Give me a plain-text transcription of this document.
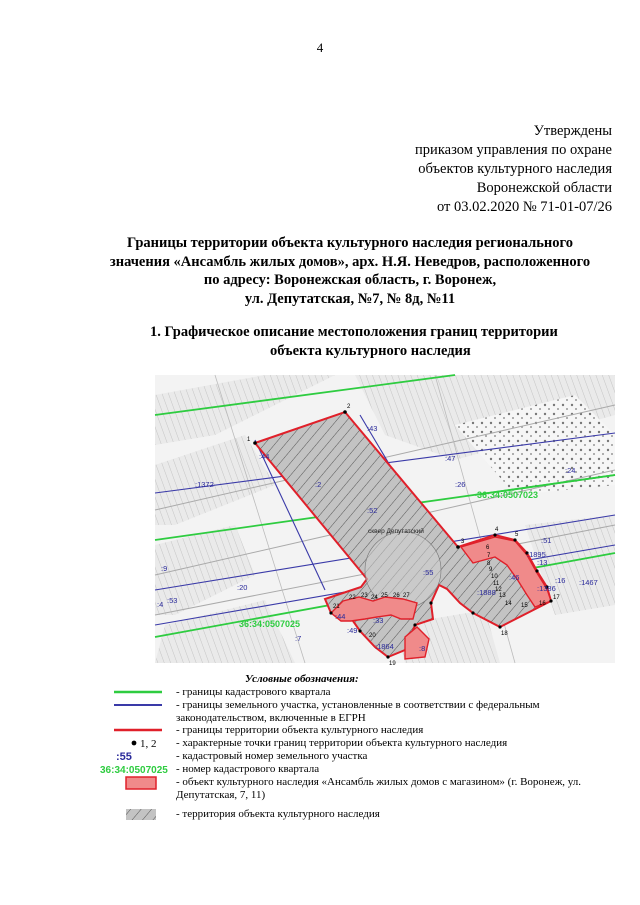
4
Утверждены
приказом управления по охране
объектов культурного наследия
Воронежской области
от 03.02.2020 № 71-01-07/26
Границы территории объекта культурного наследия регионального
значения «Ансамбль жилых домов», арх. Н.Я. Неведров, расположенного
по адресу: Воронежская область, г. Воронеж,
ул. Депутатская, №7, № 8д, №11
1. Графическое описание местоположения границ территории
объекта культурного наследия
1
2
3
4
5
6
7
8
9
10
11
12
13
14 15 16
17
18
19
20
21
22 23 24 25 26 27
:43
:44
:2
:52
:55
:13
:46
:1372
:20
:9
:4 :53
:49
:33
:8
:24
:16
:51
:1895
:1467
:1386
:1888
:1864
:44
:47
:26
:7
36:34:0507023
36:34:0507025
сквер Депутатский
Условные обозначения:
- границы кадастрового квартала
- границы земельного участка, установленные в соответствии с федеральным законодательством, включенные в ЕГРН
- границы территории объекта культурного наследия
1, 2 - характерные точки границ территории объекта культурного наследия
:55	- кадастровый номер земельного участка
36:34:0507025 - номер кадастрового квартала
- объект культурного наследия «Ансамбль жилых домов с магазином» (г. Воронеж, ул. Депутатская, 7, 11)
- территория объекта культурного наследия
